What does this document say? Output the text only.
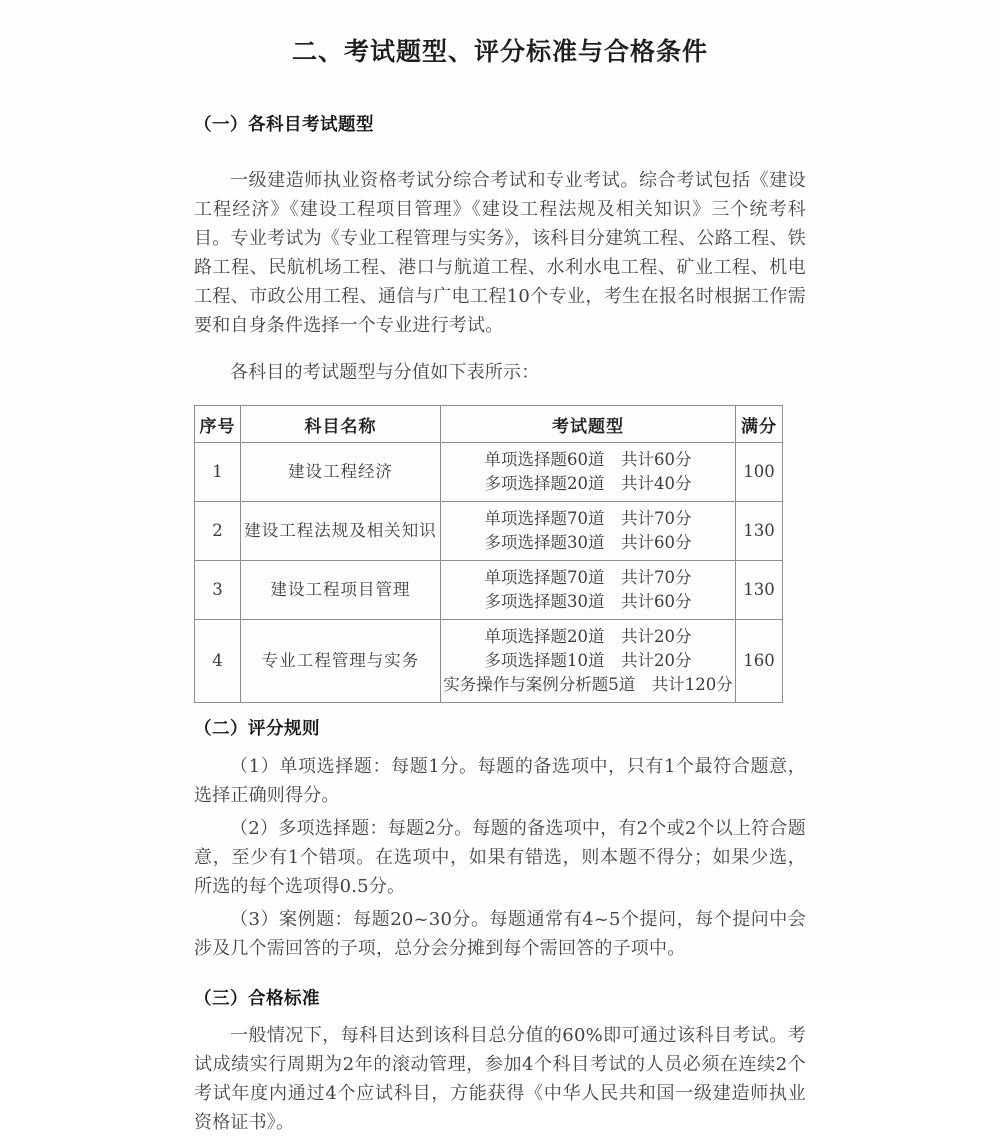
二、考试题型、评分标准与合格条件
（一）各科目考试题型

一级建造师执业资格考试分综合考试和专业考试。综合考试包括《建设工程经济》《建设工程项目管理》《建设工程法规及相关知识》三个统考科目。专业考试为《专业工程管理与实务》，该科目分建筑工程、公路工程、铁路工程、民航机场工程、港口与航道工程、水利水电工程、矿业工程、机电工程、市政公用工程、通信与广电工程10个专业，考生在报名时根据工作需要和自身条件选择一个专业进行考试。

各科目的考试题型与分值如下表所示：

序号	科目名称	考试题型	满分
1	建设工程经济	单项选择题60道　共计60分
多项选择题20道　共计40分	100
2	建设工程法规及相关知识	单项选择题70道　共计70分
多项选择题30道　共计60分	130
3	建设工程项目管理	单项选择题70道　共计70分
多项选择题30道　共计60分	130
4	专业工程管理与实务	单项选择题20道　共计20分
多项选择题10道　共计20分
实务操作与案例分析题5道　共计120分	160
（二）评分规则

（1）单项选择题：每题1分。每题的备选项中，只有1个最符合题意，选择正确则得分。

（2）多项选择题：每题2分。每题的备选项中，有2个或2个以上符合题意，至少有1个错项。在选项中，如果有错选，则本题不得分；如果少选，所选的每个选项得0.5分。

（3）案例题：每题20~30分。每题通常有4~5个提问，每个提问中会涉及几个需回答的子项，总分会分摊到每个需回答的子项中。

（三）合格标准

一般情况下，每科目达到该科目总分值的60%即可通过该科目考试。考试成绩实行周期为2年的滚动管理，参加4个科目考试的人员必须在连续2个考试年度内通过4个应试科目，方能获得《中华人民共和国一级建造师执业资格证书》。
